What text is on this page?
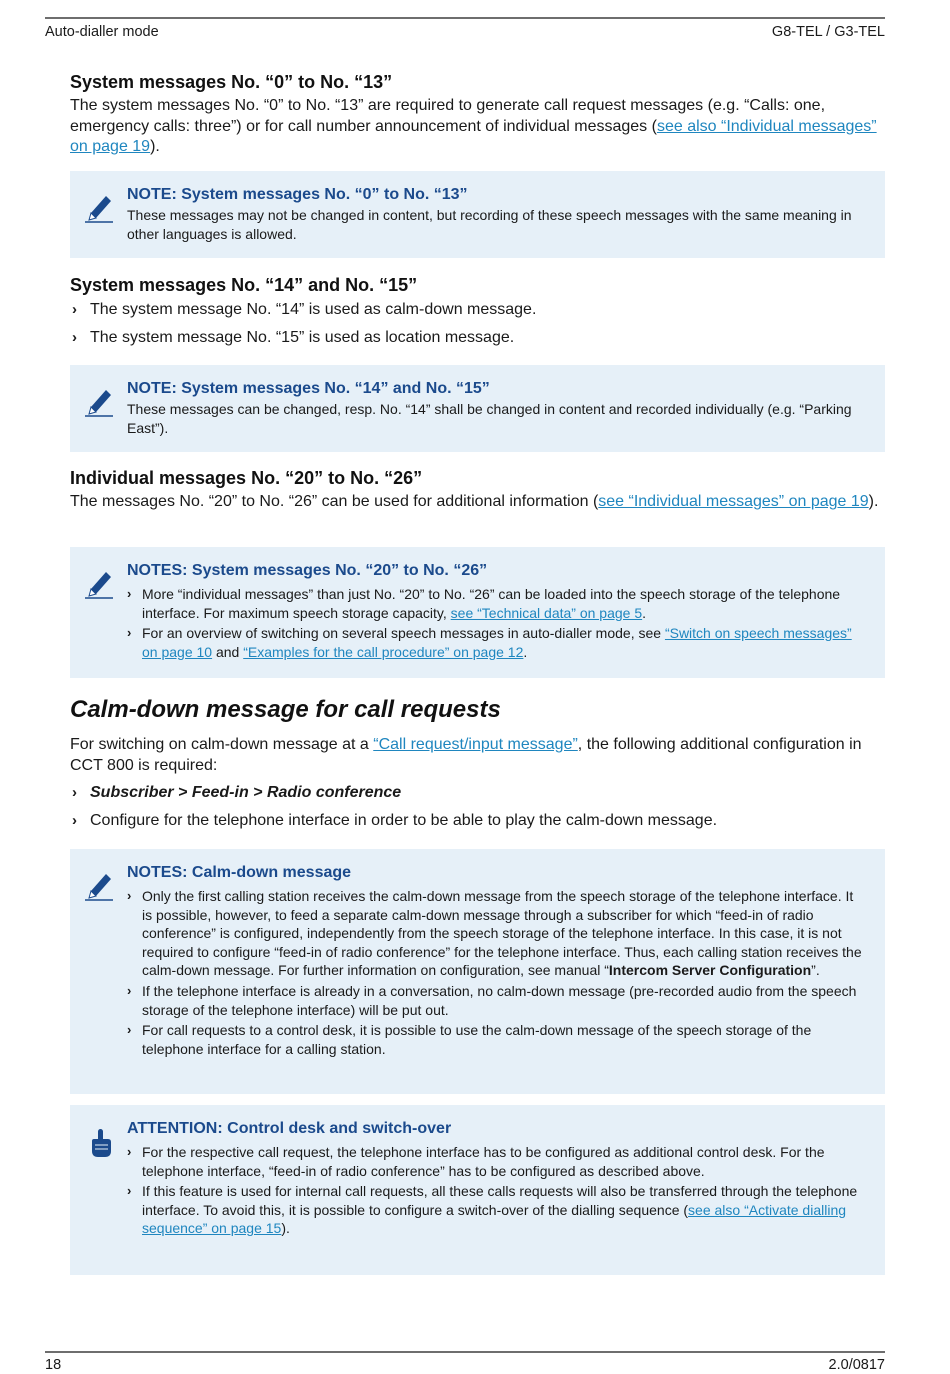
Auto-dialler mode	G8-TEL / G3-TEL
System messages No. “0” to No. “13”

The system messages No. “0” to No. “13” are required to generate call request messages (e.g. “Calls: one, emergency calls: three”) or for call number announcement of individual messages (see also “Individual messages” on page 19).

NOTE: System messages No. “0” to No. “13”
These messages may not be changed in content, but recording of these speech messages with the same meaning in other languages is allowed.
System messages No. “14” and No. “15”
› The system message No. “14” is used as calm-down message.
› The system message No. “15” is used as location message.
NOTE: System messages No. “14” and No. “15”
These messages can be changed, resp. No. “14” shall be changed in content and recorded individually (e.g. “Parking East”).
Individual messages No. “20” to No. “26”

The messages No. “20” to No. “26” can be used for additional information (see “Individual messages” on page 19).

NOTES: System messages No. “20” to No. “26”
› More “individual messages” than just No. “20” to No. “26” can be loaded into the speech storage of the telephone interface. For maximum speech storage capacity, see “Technical data” on page 5.
› For an overview of switching on several speech messages in auto-dialler mode, see “Switch on speech messages” on page 10 and “Examples for the call procedure” on page 12.
Calm-down message for call requests

For switching on calm-down message at a “Call request/input message”, the following additional configuration in CCT 800 is required:

› Subscriber > Feed-in > Radio conference
› Configure for the telephone interface in order to be able to play the calm-down message.
NOTES: Calm-down message
› Only the first calling station receives the calm-down message from the speech storage of the telephone interface. It is possible, however, to feed a separate calm-down message through a subscriber for which “feed-in of radio conference” is configured, independently from the speech storage of the telephone interface. In this case, it is not required to configure “feed-in of radio conference” for the telephone interface. Thus, each calling station receives the calm-down message. For further information on configuration, see manual “Intercom Server Configuration”.
› If the telephone interface is already in a conversation, no calm-down message (pre-recorded audio from the speech storage of the telephone interface) will be put out.
› For call requests to a control desk, it is possible to use the calm-down message of the speech storage of the telephone interface for a calling station.
ATTENTION: Control desk and switch-over
› For the respective call request, the telephone interface has to be configured as additional control desk. For the telephone interface, “feed-in of radio conference” has to be configured as described above.
› If this feature is used for internal call requests, all these calls requests will also be transferred through the telephone interface. To avoid this, it is possible to configure a switch-over of the dialling sequence (see also “Activate dialling sequence” on page 15).
18	2.0/0817
